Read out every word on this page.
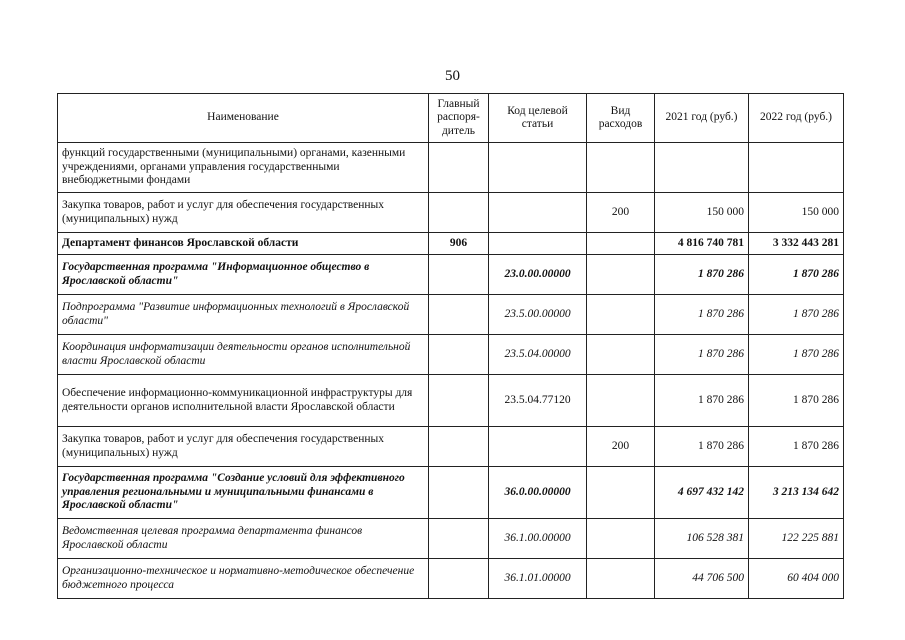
50
Наименование	Главный распоря-дитель	Код целевой статьи	Вид расходов	2021 год (руб.)	2022 год (руб.)
функций государственными (муниципальными) органами, казенными учреждениями, органами управления государственными внебюджетными фондами					
Закупка товаров, работ и услуг для обеспечения государственных (муниципальных) нужд			200	150 000	150 000
Департамент финансов Ярославской области	906			4 816 740 781	3 332 443 281
Государственная программа "Информационное общество в Ярославской области"		23.0.00.00000		1 870 286	1 870 286
Подпрограмма "Развитие информационных технологий в Ярославской области"		23.5.00.00000		1 870 286	1 870 286
Координация информатизации деятельности органов исполнительной власти Ярославской области		23.5.04.00000		1 870 286	1 870 286
Обеспечение информационно-коммуникационной инфраструктуры для деятельности органов исполнительной власти Ярославской области		23.5.04.77120		1 870 286	1 870 286
Закупка товаров, работ и услуг для обеспечения государственных (муниципальных) нужд			200	1 870 286	1 870 286
Государственная программа "Создание условий для эффективного управления региональными и муниципальными финансами в Ярославской области"		36.0.00.00000		4 697 432 142	3 213 134 642
Ведомственная целевая программа департамента финансов Ярославской области		36.1.00.00000		106 528 381	122 225 881
Организационно-техническое и нормативно-методическое обеспечение бюджетного процесса		36.1.01.00000		44 706 500	60 404 000
